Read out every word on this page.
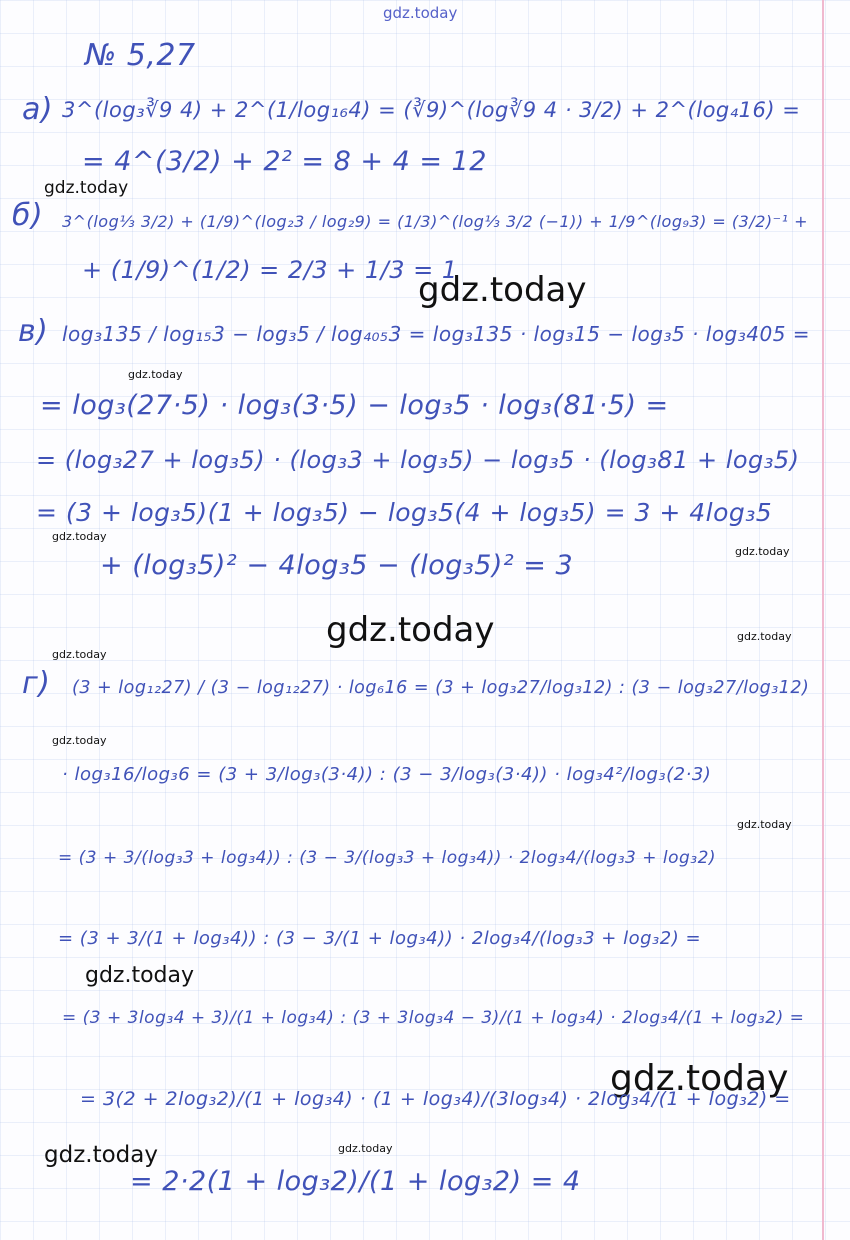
gdz.today
gdz.today
gdz.today
gdz.today
gdz.today
gdz.today
gdz.today
gdz.today
gdz.today
gdz.today
gdz.today
gdz.today
gdz.today
gdz.today
gdz.today
№ 5,27
а) 3^(log₃∛9 4) + 2^(1/log₁₆4) = (∛9)^(log∛9 4 · 3/2) + 2^(log₄16) =
= 4^(3/2) + 2² = 8 + 4 = 12
б) 3^(log⅓ 3/2) + (1/9)^(log₂3 / log₂9) = (1/3)^(log⅓ 3/2 (−1)) + 1/9^(log₉3) = (3/2)⁻¹ +
+ (1/9)^(1/2) = 2/3 + 1/3 = 1
в) log₃135 / log₁₅3 − log₃5 / log₄₀₅3 = log₃135 · log₃15 − log₃5 · log₃405 =
= log₃(27·5) · log₃(3·5) − log₃5 · log₃(81·5) =
= (log₃27 + log₃5) · (log₃3 + log₃5) − log₃5 · (log₃81 + log₃5)
= (3 + log₃5)(1 + log₃5) − log₃5(4 + log₃5) = 3 + 4log₃5
+ (log₃5)² − 4log₃5 − (log₃5)² = 3
г) (3 + log₁₂27) / (3 − log₁₂27) · log₆16 = (3 + log₃27/log₃12) : (3 − log₃27/log₃12)
· log₃16/log₃6 = (3 + 3/log₃(3·4)) : (3 − 3/log₃(3·4)) · log₃4²/log₃(2·3)
= (3 + 3/(log₃3 + log₃4)) : (3 − 3/(log₃3 + log₃4)) · 2log₃4/(log₃3 + log₃2)
= (3 + 3/(1 + log₃4)) : (3 − 3/(1 + log₃4)) · 2log₃4/(log₃3 + log₃2) =
= (3 + 3log₃4 + 3)/(1 + log₃4) : (3 + 3log₃4 − 3)/(1 + log₃4) · 2log₃4/(1 + log₃2) =
= 3(2 + 2log₃2)/(1 + log₃4) · (1 + log₃4)/(3log₃4) · 2log₃4/(1 + log₃2) =
= 2·2(1 + log₃2)/(1 + log₃2) = 4
